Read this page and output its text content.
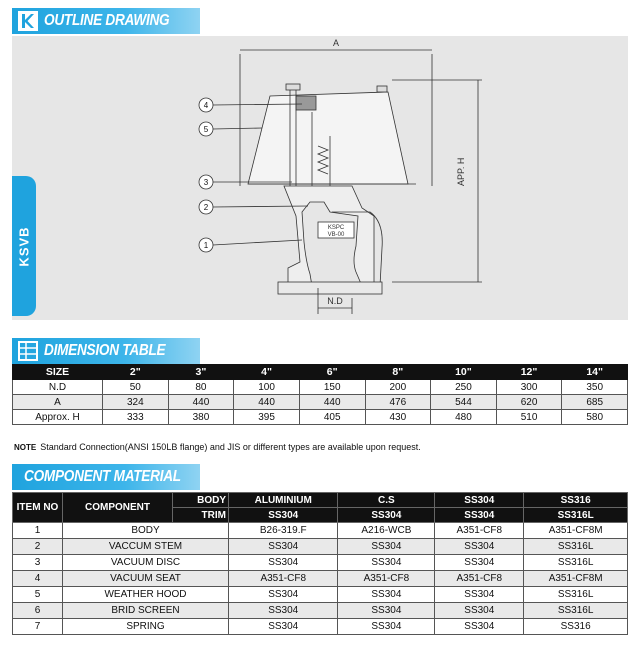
OUTLINE DRAWING
A
APP. H
N.D
KSPC
VB-00
4
5
3
2
1
KSVB
DIMENSION TABLE
SIZE	2"	3"	4"	6"	8"	10"	12"	14"
N.D	50	80	100	150	200	250	300	350
A	324	440	440	440	476	544	620	685
Approx. H	333	380	395	405	430	480	510	580
NOTE Standard Connection(ANSI 150LB flange) and JIS or different types are available upon request.
COMPONENT MATERIAL
ITEM NO	COMPONENT	BODY	ALUMINIUM	C.S	SS304	SS316
		TRIM	SS304	SS304	SS304	SS316L
1	BODY		B26-319.F	A216-WCB	A351-CF8	A351-CF8M
2	VACCUM STEM		SS304	SS304	SS304	SS316L
3	VACUUM DISC		SS304	SS304	SS304	SS316L
4	VACUUM SEAT		A351-CF8	A351-CF8	A351-CF8	A351-CF8M
5	WEATHER HOOD		SS304	SS304	SS304	SS316L
6	BRID SCREEN		SS304	SS304	SS304	SS316L
7	SPRING		SS304	SS304	SS304	SS316
